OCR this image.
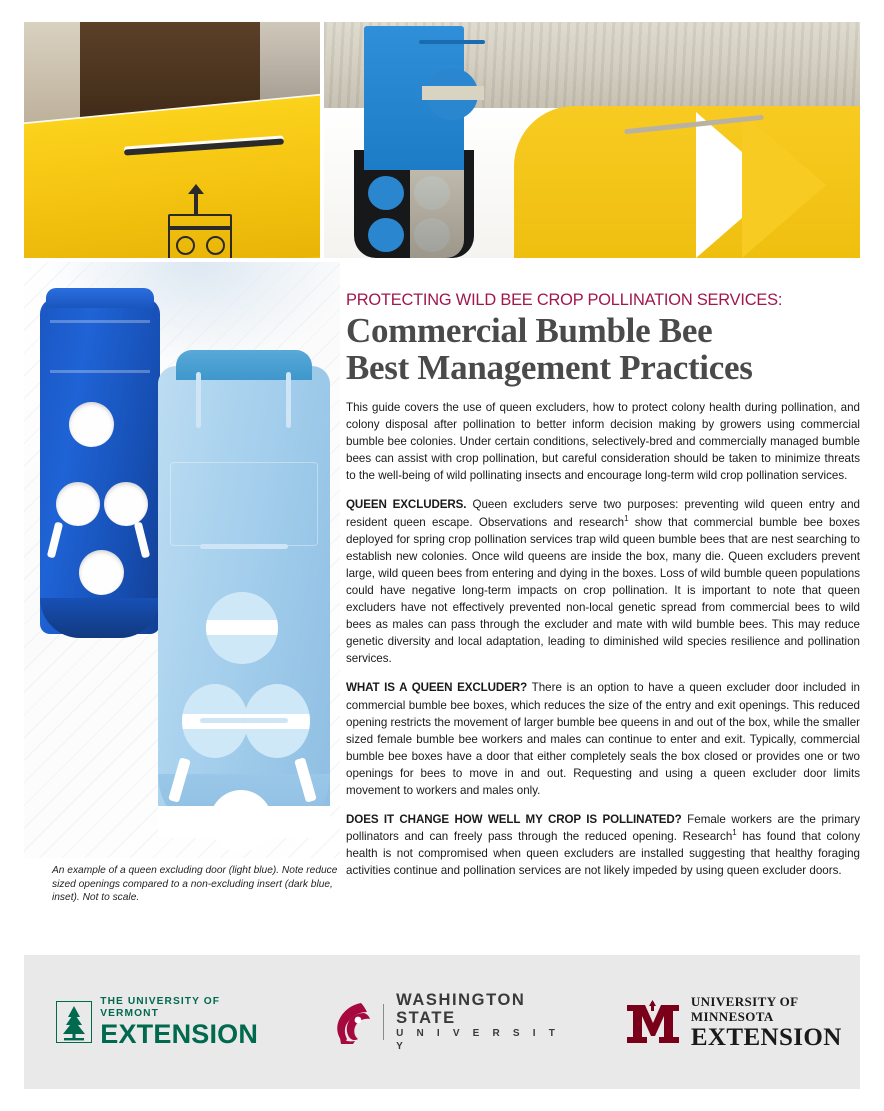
An example of a queen excluding door (light blue). Note reduce sized openings compared to a non-excluding insert (dark blue, inset). Not to scale.
PROTECTING WILD BEE CROP POLLINATION SERVICES:
Commercial Bumble Bee
Best Management Practices

This guide covers the use of queen excluders, how to protect colony health during pollination, and colony disposal after pollination to better inform decision making by growers using commercial bumble bee colonies. Under certain conditions, selectively-bred and commercially managed bumble bees can assist with crop pollination, but careful consideration should be taken to minimize threats to the well-being of wild pollinating insects and encourage long-term wild crop pollination services.

QUEEN EXCLUDERS. Queen excluders serve two purposes: preventing wild queen entry and resident queen escape. Observations and research$^1$ show that commercial bumble bee boxes deployed for spring crop pollination services trap wild queen bumble bees that are nest searching to establish new colonies. Once wild queens are inside the box, many die. Queen excluders prevent large, wild queen bees from entering and dying in the boxes. Loss of wild bumble queen populations could have negative long-term impacts on crop pollination. It is important to note that queen excluders have not effectively prevented non-local genetic spread from commercial bees to wild bees as males can pass through the excluder and mate with wild bumble bees. This may reduce genetic diversity and local adaptation, leading to diminished wild species resilience and pollination services.

WHAT IS A QUEEN EXCLUDER? There is an option to have a queen excluder door included in commercial bumble bee boxes, which reduces the size of the entry and exit openings. This reduced opening restricts the movement of larger bumble bee queens in and out of the box, while the smaller sized female bumble bee workers and males can continue to enter and exit. Typically, commercial bumble bee boxes have a door that either completely seals the box closed or provides one or two openings for bees to move in and out. Requesting and using a queen excluder door limits movement to workers and males only.

DOES IT CHANGE HOW WELL MY CROP IS POLLINATED? Female workers are the primary pollinators and can freely pass through the reduced opening. Research$^1$ has found that colony health is not compromised when queen excluders are installed suggesting that healthy foraging activities continue and pollination services are not likely impeded by using queen excluder doors.

THE UNIVERSITY OF VERMONT
EXTENSION
WASHINGTON STATE
U N I V E R S I T Y
UNIVERSITY OF MINNESOTA
EXTENSION
